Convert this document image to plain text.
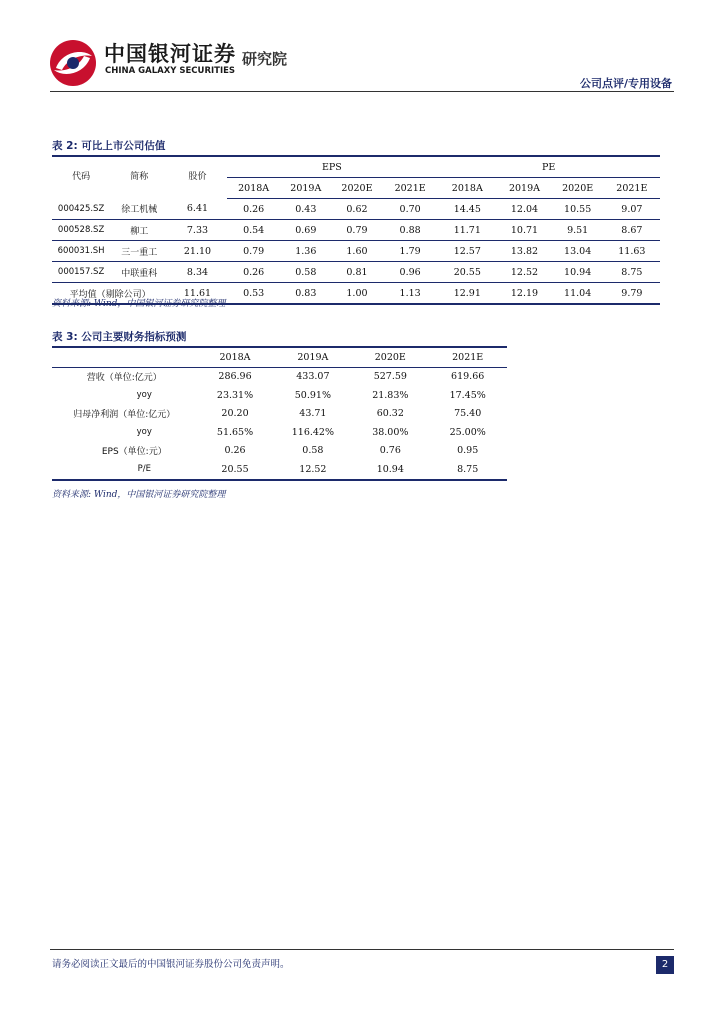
中国银河证券
CHINA GALAXY SECURITIES
研究院
公司点评/专用设备
表 2: 可比上市公司估值
代码	简称	股价	EPS				PE			
			2018A	2019A	2020E	2021E	2018A	2019A	2020E	2021E
000425.SZ	徐工机械	6.41	0.26	0.43	0.62	0.70	14.45	12.04	10.55	9.07
000528.SZ	柳工	7.33	0.54	0.69	0.79	0.88	11.71	10.71	9.51	8.67
600031.SH	三一重工	21.10	0.79	1.36	1.60	1.79	12.57	13.82	13.04	11.63
000157.SZ	中联重科	8.34	0.26	0.58	0.81	0.96	20.55	12.52	10.94	8.75
平均值（剔除公司）		11.61	0.53	0.83	1.00	1.13	12.91	12.19	11.04	9.79
资料来源: Wind，中国银河证券研究院整理
表 3: 公司主要财务指标预测
	2018A	2019A	2020E	2021E
营收（单位:亿元）	286.96	433.07	527.59	619.66
yoy	23.31%	50.91%	21.83%	17.45%
归母净利润（单位:亿元）	20.20	43.71	60.32	75.40
yoy	51.65%	116.42%	38.00%	25.00%
EPS（单位:元）	0.26	0.58	0.76	0.95
P/E	20.55	12.52	10.94	8.75
资料来源: Wind，中国银河证券研究院整理
请务必阅读正文最后的中国银河证券股份公司免责声明。	2
